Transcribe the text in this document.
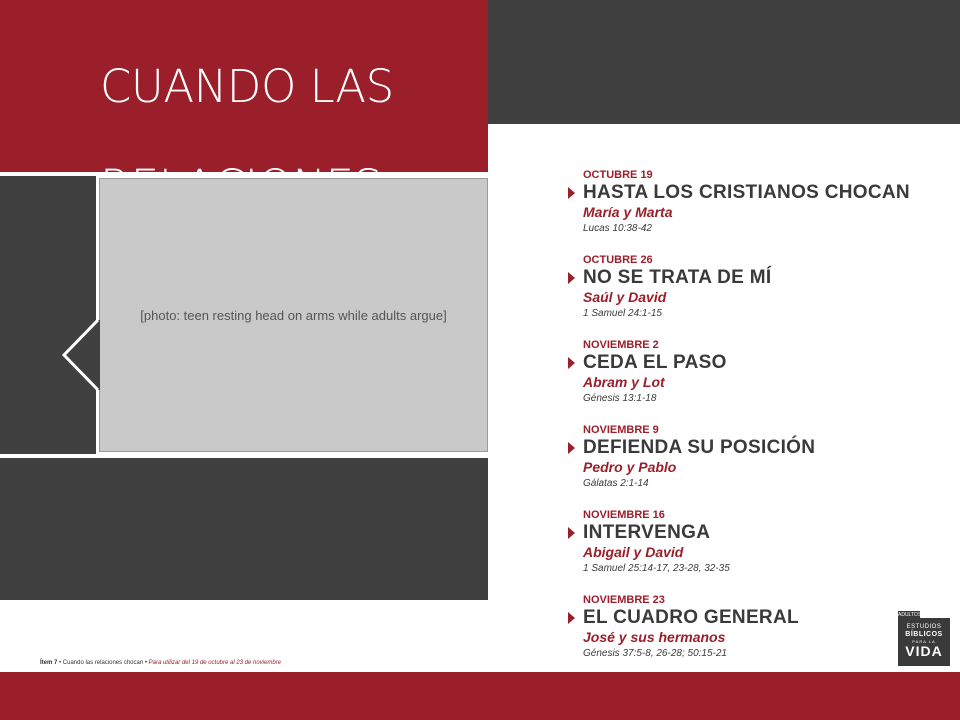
CUANDO LAS

[photo: teen resting head on arms while adults argue]
OCTUBRE 19
HASTA LOS CRISTIANOS CHOCAN
María y Marta
Lucas 10:38-42
OCTUBRE 26
NO SE TRATA DE MÍ
Saúl y David
1 Samuel 24:1-15
NOVIEMBRE 2
CEDA EL PASO
Abram y Lot
Génesis 13:1-18
NOVIEMBRE 9
DEFIENDA SU POSICIÓN
Pedro y Pablo
Gálatas 2:1-14
NOVIEMBRE 16
INTERVENGA
Abigail y David
1 Samuel 25:14-17, 23-28, 32-35
NOVIEMBRE 23
EL CUADRO GENERAL
José y sus hermanos
Génesis 37:5-8, 26-28; 50:15-21
Ítem 7 • Cuando las relaciones chocan • Para utilizar del 19 de octubre al 23 de noviembre
ADULTOS
ESTUDIOS
BÍBLICOS
PARA LA
VIDA
